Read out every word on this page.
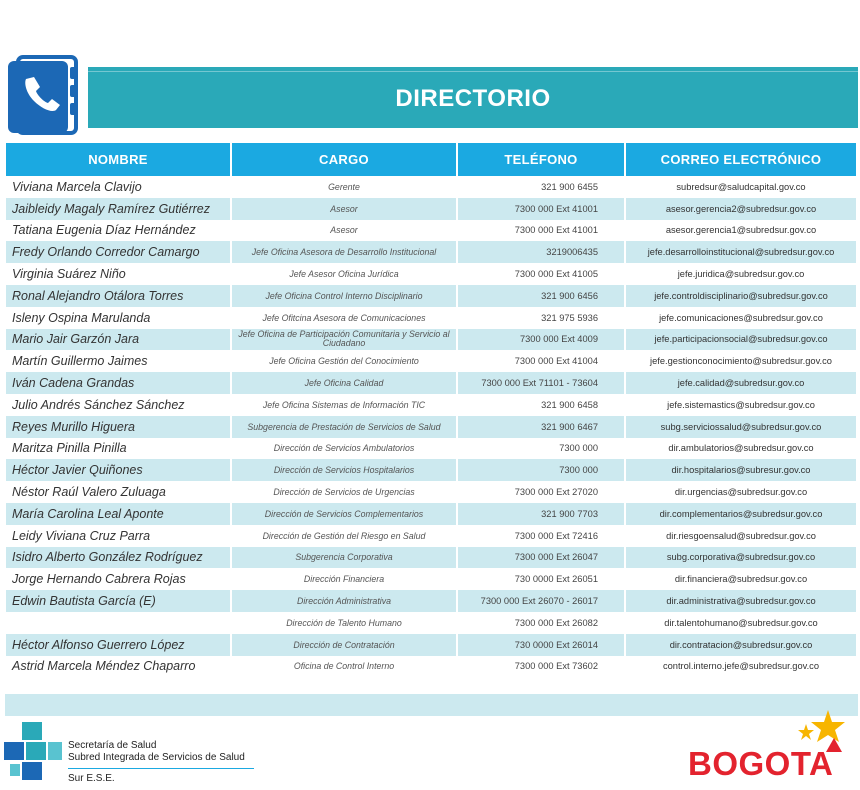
DIRECTORIO
NOMBRE	CARGO	TELÉFONO	CORREO ELECTRÓNICO
Viviana Marcela Clavijo	Gerente	321 900 6455	subredsur@saludcapital.gov.co
Jaibleidy Magaly Ramírez Gutiérrez	Asesor	7300 000 Ext 41001	asesor.gerencia2@subredsur.gov.co
Tatiana Eugenia Díaz Hernández	Asesor	7300 000 Ext 41001	asesor.gerencia1@subredsur.gov.co
Fredy Orlando Corredor Camargo	Jefe Oficina Asesora de Desarrollo Institucional	3219006435	jefe.desarrolloinstitucional@subredsur.gov.co
Virginia Suárez Niño	Jefe Asesor Oficina Jurídica	7300 000 Ext 41005	jefe.juridica@subredsur.gov.co
Ronal Alejandro Otálora Torres	Jefe Oficina Control Interno Disciplinario	321 900 6456	jefe.controldisciplinario@subredsur.gov.co
Isleny Ospina Marulanda	Jefe Ofitcina Asesora de Comunicaciones	321 975 5936	jefe.comunicaciones@subredsur.gov.co
Mario Jair Garzón Jara	Jefe Oficina de Participación Comunitaria y Servicio al Ciudadano	7300 000 Ext 4009	jefe.participacionsocial@subredsur.gov.co
Martín Guillermo Jaimes	Jefe Oficina Gestión del Conocimiento	7300 000 Ext 41004	jefe.gestionconocimiento@subredsur.gov.co
Iván Cadena Grandas	Jefe Oficina Calidad	7300 000 Ext 71101 - 73604	jefe.calidad@subredsur.gov.co
Julio Andrés Sánchez Sánchez	Jefe Oficina Sistemas de Información TIC	321 900 6458	jefe.sistemastics@subredsur.gov.co
Reyes Murillo Higuera	Subgerencia de Prestación de Servicios de Salud	321 900 6467	subg.serviciossalud@subredsur.gov.co
Maritza Pinilla Pinilla	Dirección de Servicios Ambulatorios	7300 000	dir.ambulatorios@subredsur.gov.co
Héctor Javier Quiñones	Dirección de Servicios Hospitalarios	7300 000	dir.hospitalarios@subresur.gov.co
Néstor Raúl Valero Zuluaga	Dirección de Servicios de Urgencias	7300 000 Ext 27020	dir.urgencias@subredsur.gov.co
María Carolina Leal Aponte	Dirección de Servicios Complementarios	321 900 7703	dir.complementarios@subredsur.gov.co
Leidy Viviana Cruz Parra	Dirección de Gestión del Riesgo en Salud	7300 000 Ext 72416	dir.riesgoensalud@subredsur.gov.co
Isidro Alberto González Rodríguez	Subgerencia Corporativa	7300 000 Ext 26047	subg.corporativa@subredsur.gov.co
Jorge Hernando Cabrera Rojas	Dirección Financiera	730 0000 Ext 26051	dir.financiera@subredsur.gov.co
Edwin Bautista García (E)	Dirección Administrativa	7300 000 Ext 26070 - 26017	dir.administrativa@subredsur.gov.co
	Dirección de Talento Humano	7300 000 Ext 26082	dir.talentohumano@subredsur.gov.co
Héctor Alfonso Guerrero López	Dirección de Contratación	730 0000 Ext 26014	dir.contratacion@subredsur.gov.co
Astrid Marcela Méndez Chaparro	Oficina de Control Interno	7300 000 Ext 73602	control.interno.jefe@subredsur.gov.co
Secretaría de Salud
Subred Integrada de Servicios de Salud
Sur E.S.E.	BOGOTA
